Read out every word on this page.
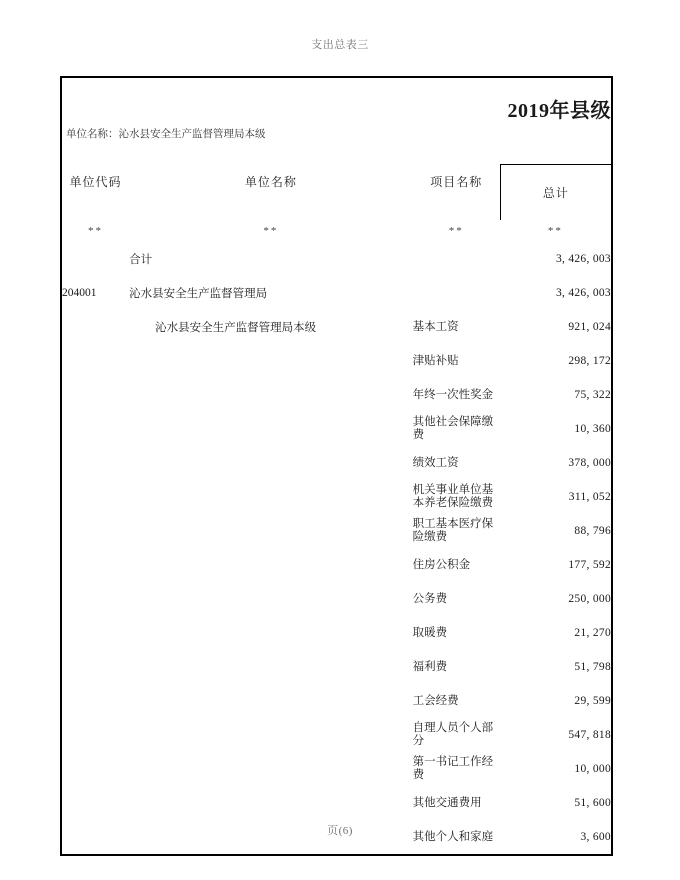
支出总表三

2019年县级			

单位名称：沁水县安全生产监督管理局本级			

单位代码	单位名称	项目名称	总计

**	**	**	**
	合计		3, 426, 003
204001	沁水县安全生产监督管理局		3, 426, 003
	沁水县安全生产监督管理局本级	基本工资	921, 024
		津贴补贴	298, 172
		年终一次性奖金	75, 322
		其他社会保障缴费	10, 360
		绩效工资	378, 000
		机关事业单位基本养老保险缴费	311, 052
		职工基本医疗保险缴费	88, 796
		住房公积金	177, 592
		公务费	250, 000
		取暖费	21, 270
		福利费	51, 798
		工会经费	29, 599
		自理人员个人部分	547, 818
		第一书记工作经费	10, 000
		其他交通费用	51, 600
		其他个人和家庭	3, 600
页(6)
